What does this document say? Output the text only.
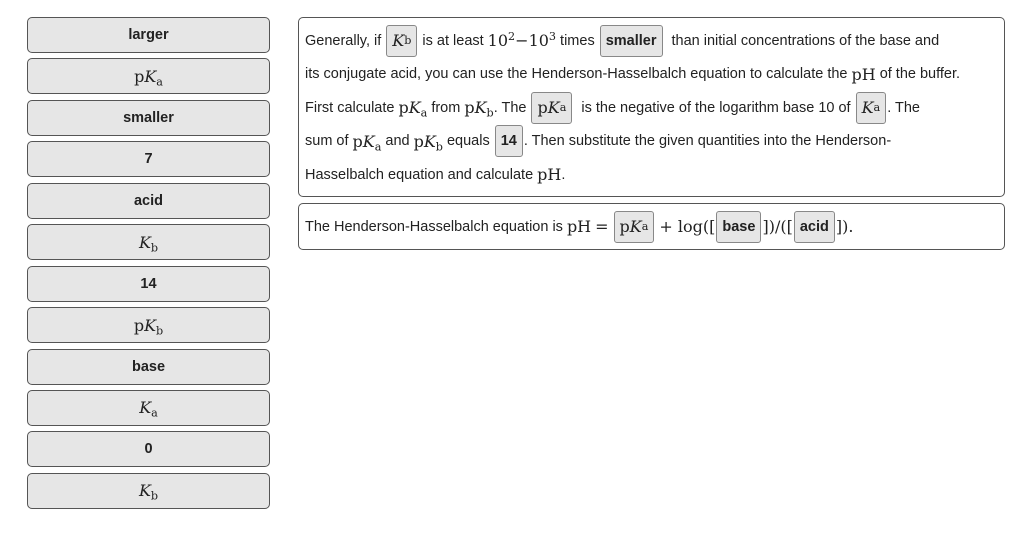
larger
$pK_a$
smaller
7
acid
$K_b$
14
$pK_b$
base
$K_a$
0
$K_b$
Generally, if K b is at least $10^2-10^3$ times smaller	than initial concentrations of the base and
its conjugate acid, you can use the Henderson-Hasselbalch equation to calculate the pH of the buffer.
First calculate $pK_a$ from $pK_b$ . The p K a is the negative of the logarithm base 10 of K a . The
sum of $pK_a$ and $pK_b$ equals 14 . Then substitute the given quantities into the Henderson-
Hasselbalch equation and calculate pH .
The Henderson-Hasselbalch equation is pH = p K a + log([ base ])/([ acid ]).
